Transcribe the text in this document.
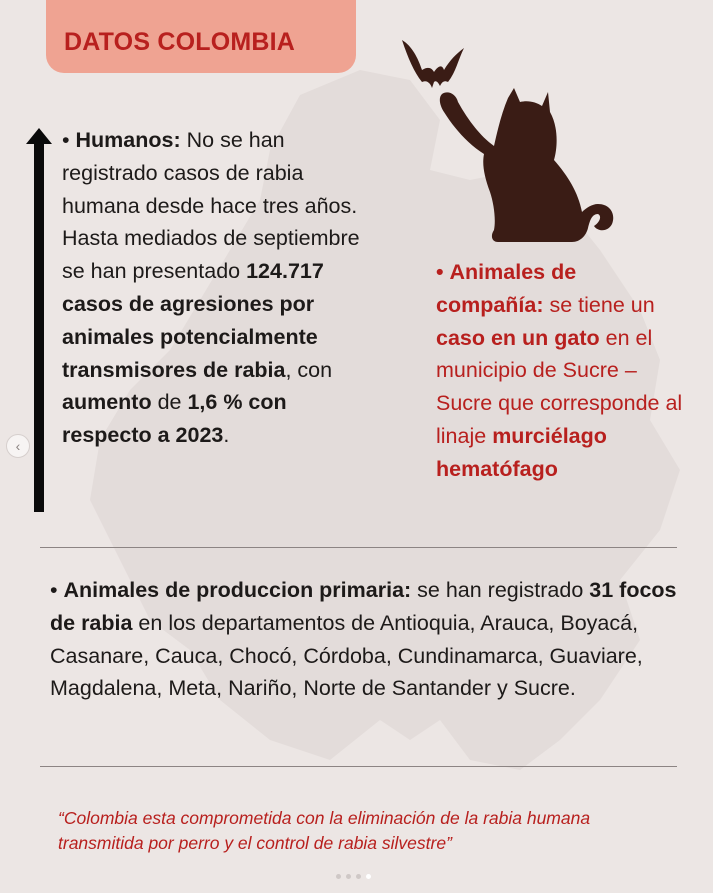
DATOS COLOMBIA
• Humanos: No se han registrado casos de rabia humana desde hace tres años. Hasta mediados de septiembre se han presentado 124.717 casos de agresiones por animales potencialmente transmisores de rabia, con aumento de 1,6 % con respecto a 2023.
• Animales de compañía: se tiene un caso en un gato en el municipio de Sucre – Sucre que corresponde al linaje murciélago hematófago
• Animales de produccion primaria: se han registrado 31 focos de rabia en los departamentos de Antioquia, Arauca, Boyacá, Casanare, Cauca, Chocó, Córdoba, Cundinamarca, Guaviare, Magdalena, Meta, Nariño, Norte de Santander y Sucre.
“Colombia esta comprometida con la eliminación de la rabia humana transmitida por perro y el control de rabia silvestre”
‹
